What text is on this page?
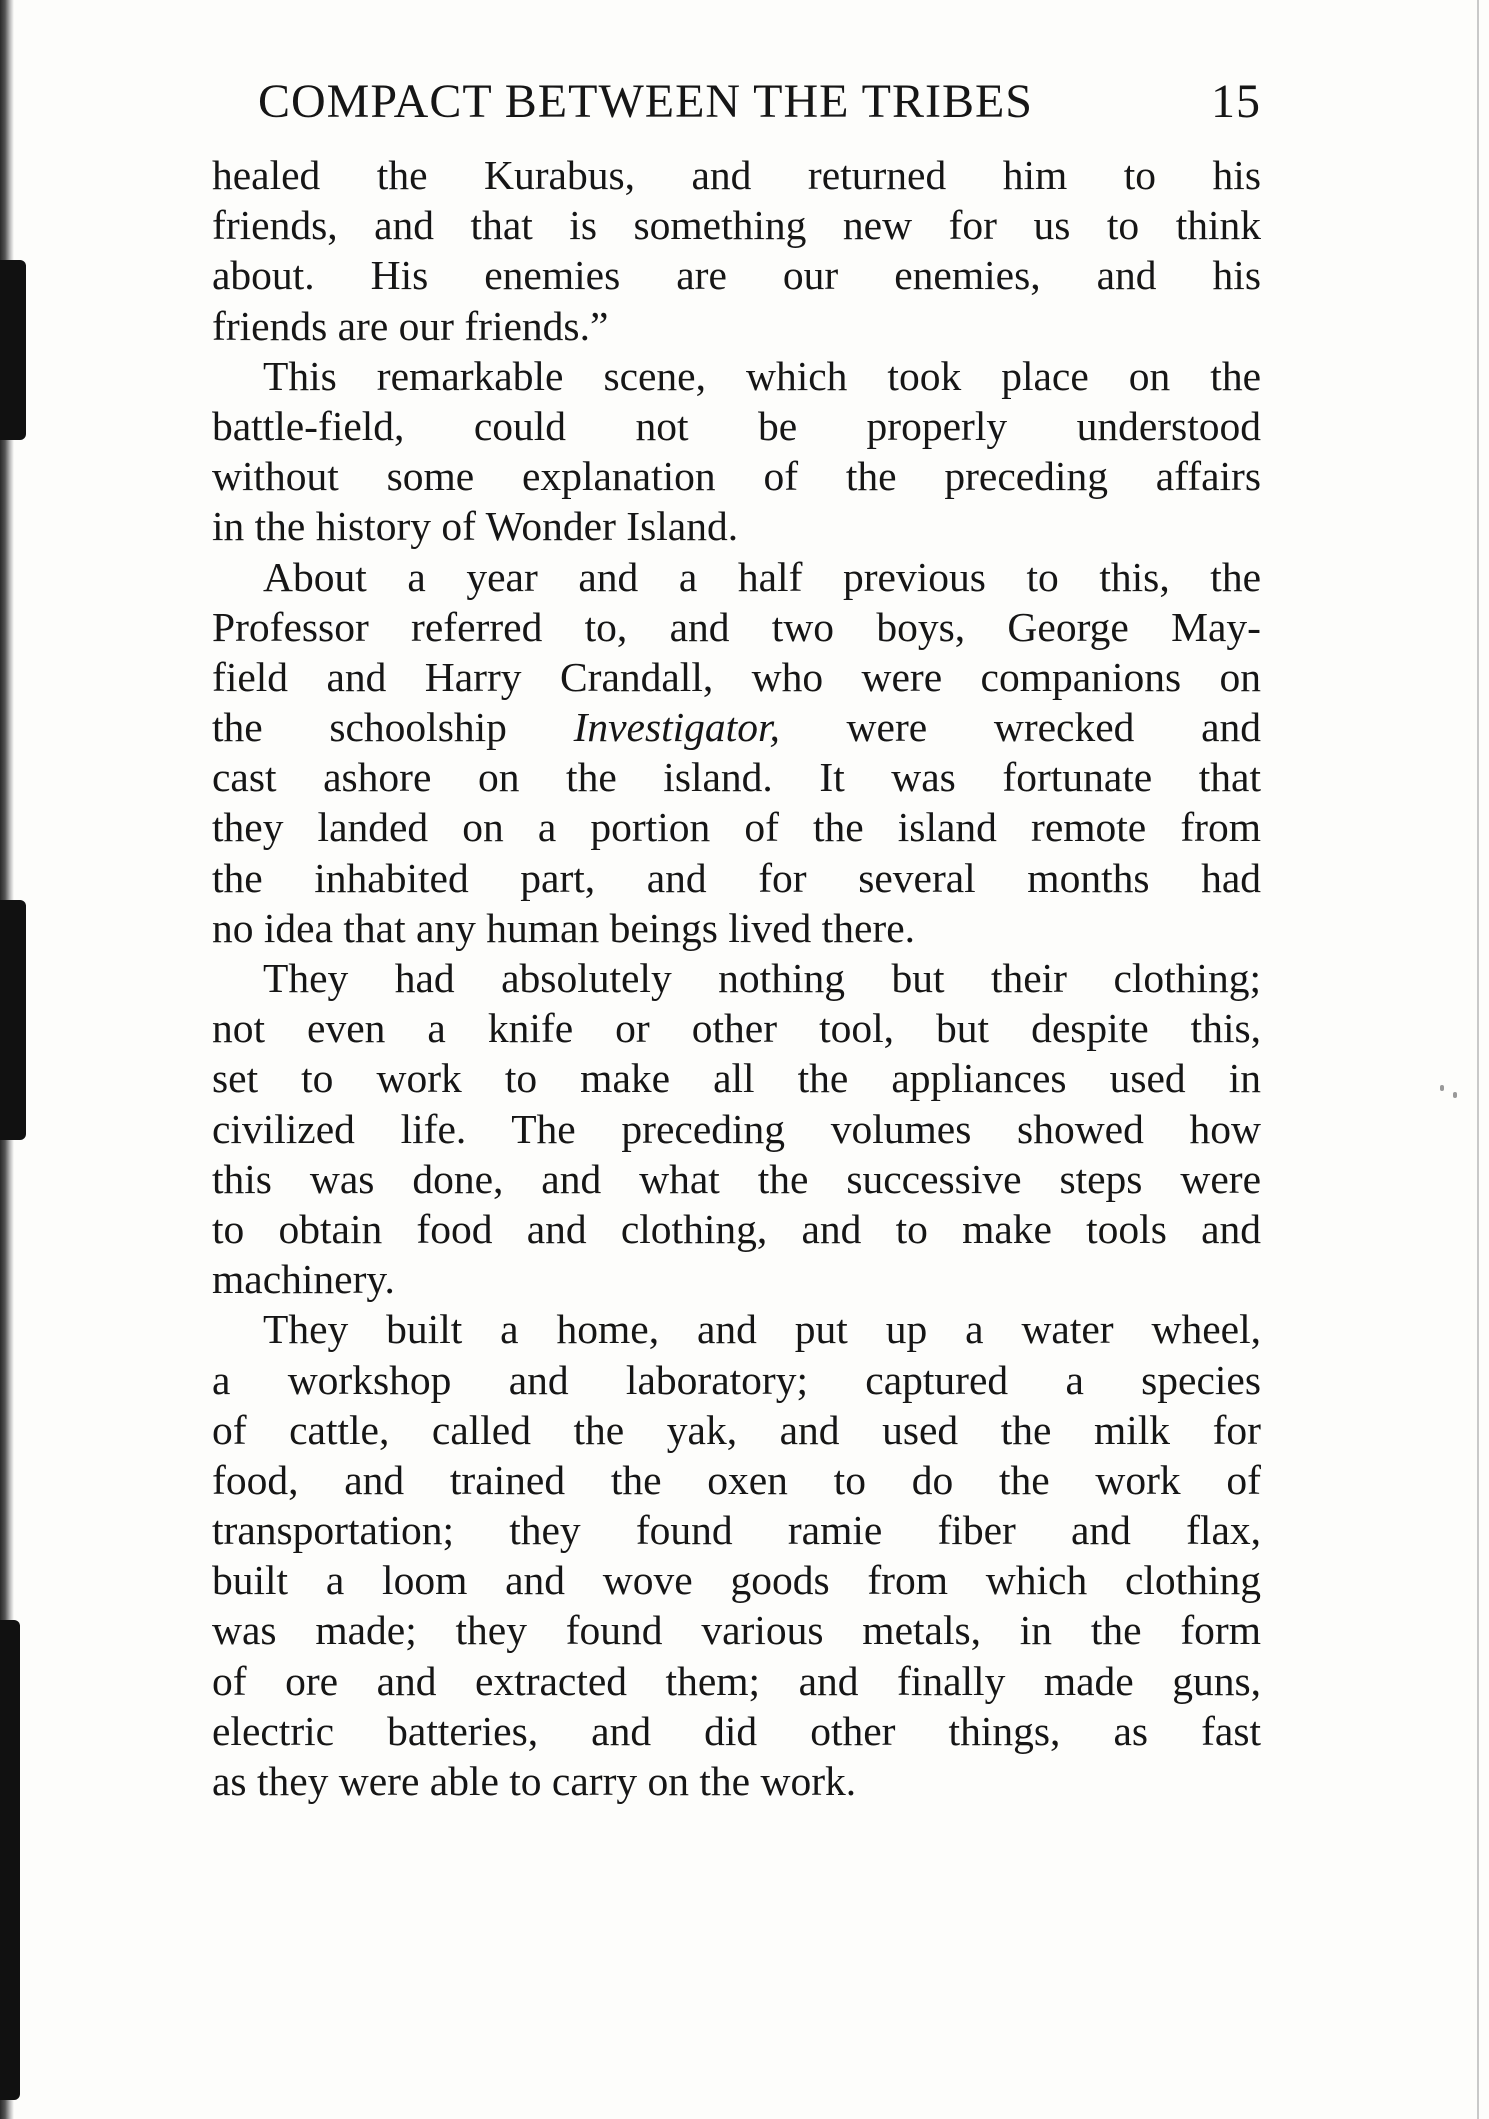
COMPACT BETWEEN THE TRIBES	15
healed the Kurabus, and returned him to his
friends, and that is something new for us to think
about. His enemies are our enemies, and his
friends are our friends.”
This remarkable scene, which took place on the
battle-field, could not be properly understood
without some explanation of the preceding affairs
in the history of Wonder Island.
About a year and a half previous to this, the
Professor referred to, and two boys, George May-
field and Harry Crandall, who were companions on
the schoolship Investigator, were wrecked and
cast ashore on the island. It was fortunate that
they landed on a portion of the island remote from
the inhabited part, and for several months had
no idea that any human beings lived there.
They had absolutely nothing but their clothing;
not even a knife or other tool, but despite this,
set to work to make all the appliances used in
civilized life. The preceding volumes showed how
this was done, and what the successive steps were
to obtain food and clothing, and to make tools and
machinery.
They built a home, and put up a water wheel,
a workshop and laboratory; captured a species
of cattle, called the yak, and used the milk for
food, and trained the oxen to do the work of
transportation; they found ramie fiber and flax,
built a loom and wove goods from which clothing
was made; they found various metals, in the form
of ore and extracted them; and finally made guns,
electric batteries, and did other things, as fast
as they were able to carry on the work.
